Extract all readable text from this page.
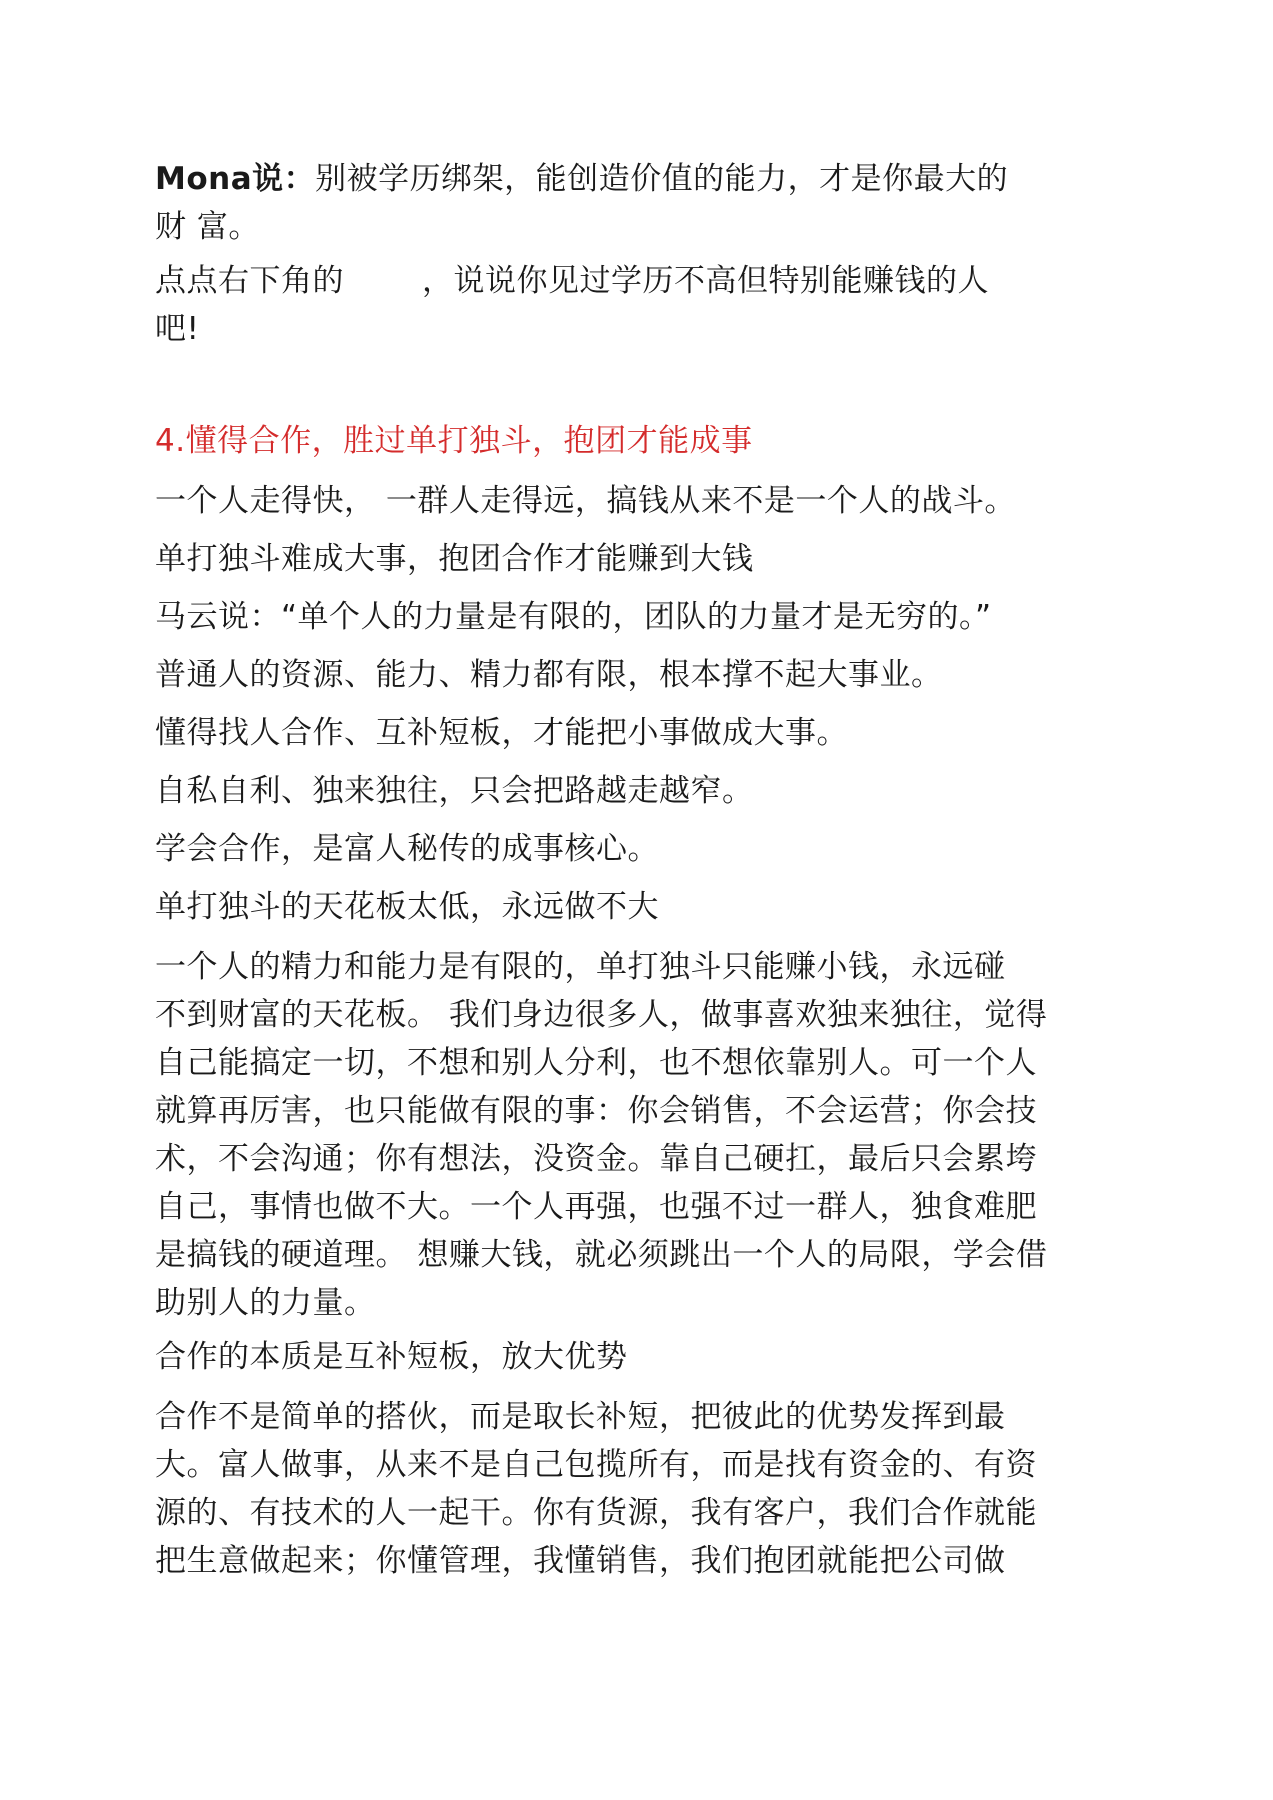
Mona说：别被学历绑架，能创造价值的能力，才是你最大的
财 富。
点点右下角的	，说说你见过学历不高但特别能赚钱的人
吧!
4.懂得合作，胜过单打独斗，抱团才能成事
一个人走得快， 一群人走得远，搞钱从来不是一个人的战斗。
单打独斗难成大事，抱团合作才能赚到大钱
马云说：“单个人的力量是有限的，团队的力量才是无穷的。”
普通人的资源、能力、精力都有限，根本撑不起大事业。
懂得找人合作、互补短板，才能把小事做成大事。
自私自利、独来独往，只会把路越走越窄。
学会合作，是富人秘传的成事核心。
单打独斗的天花板太低，永远做不大
一个人的精力和能力是有限的，单打独斗只能赚小钱，永远碰
不到财富的天花板。 我们身边很多人，做事喜欢独来独往，觉得
自己能搞定一切，不想和别人分利，也不想依靠别人。可一个人
就算再厉害，也只能做有限的事：你会销售，不会运营；你会技
术，不会沟通；你有想法，没资金。靠自己硬扛，最后只会累垮
自己，事情也做不大。一个人再强，也强不过一群人，独食难肥
是搞钱的硬道理。 想赚大钱，就必须跳出一个人的局限，学会借
助别人的力量。
合作的本质是互补短板，放大优势
合作不是简单的搭伙，而是取长补短，把彼此的优势发挥到最
大。富人做事，从来不是自己包揽所有，而是找有资金的、有资
源的、有技术的人一起干。你有货源，我有客户，我们合作就能
把生意做起来；你懂管理，我懂销售，我们抱团就能把公司做
